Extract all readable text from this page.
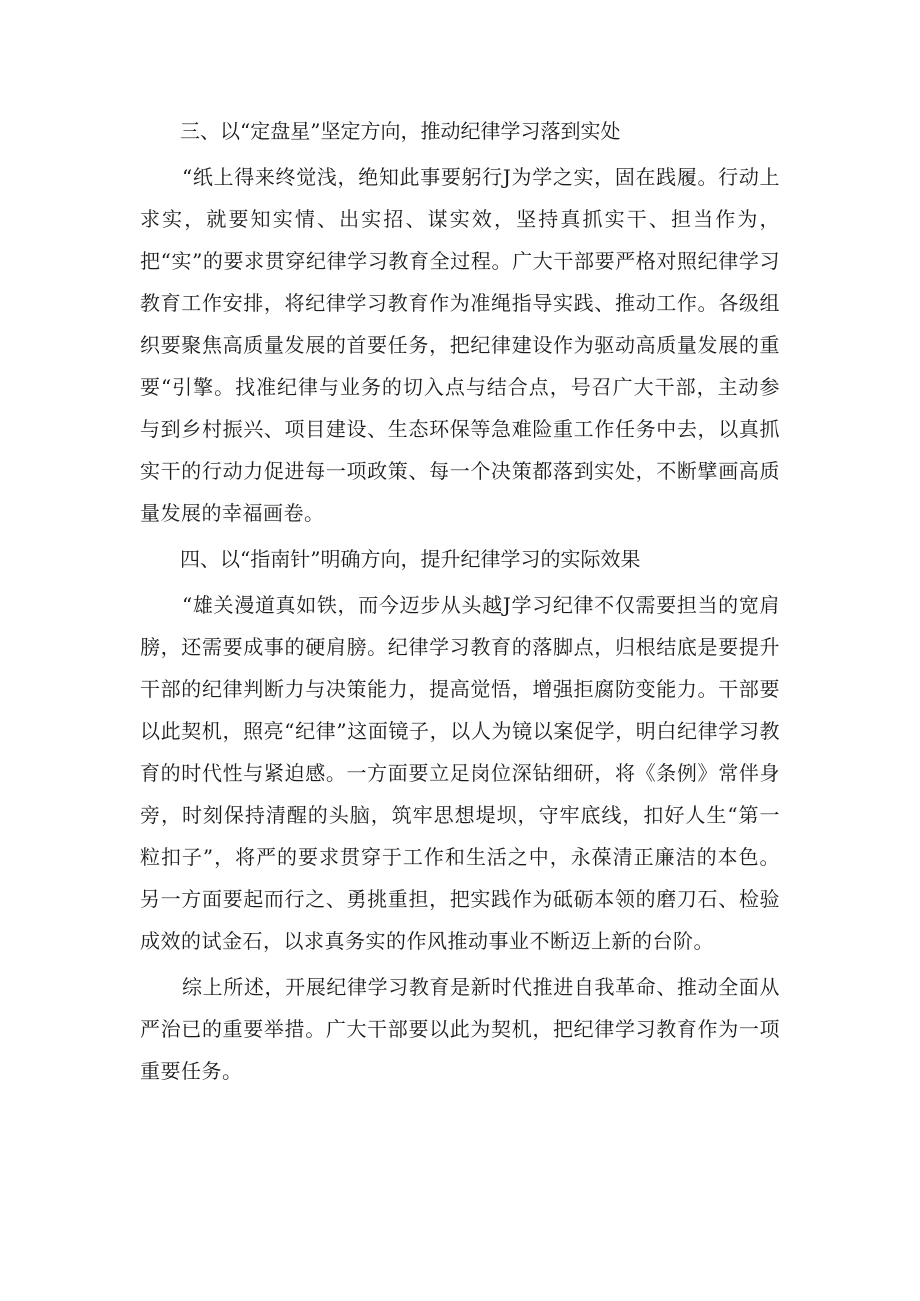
三、以“定盘星”坚定方向，推动纪律学习落到实处

“纸上得来终觉浅，绝知此事要躬行J为学之实，固在践履。行动上求实，就要知实情、出实招、谋实效，坚持真抓实干、担当作为，把“实”的要求贯穿纪律学习教育全过程。广大干部要严格对照纪律学习教育工作安排，将纪律学习教育作为准绳指导实践、推动工作。各级组织要聚焦高质量发展的首要任务，把纪律建设作为驱动高质量发展的重要“引擎。找准纪律与业务的切入点与结合点，号召广大干部，主动参与到乡村振兴、项目建设、生态环保等急难险重工作任务中去，以真抓实干的行动力促进每一项政策、每一个决策都落到实处，不断擘画高质量发展的幸福画卷。

四、以“指南针”明确方向，提升纪律学习的实际效果

“雄关漫道真如铁，而今迈步从头越J学习纪律不仅需要担当的宽肩膀，还需要成事的硬肩膀。纪律学习教育的落脚点，归根结底是要提升干部的纪律判断力与决策能力，提高觉悟，增强拒腐防变能力。干部要以此契机，照亮“纪律”这面镜子，以人为镜以案促学，明白纪律学习教育的时代性与紧迫感。一方面要立足岗位深钻细研，将《条例》常伴身旁，时刻保持清醒的头脑，筑牢思想堤坝，守牢底线，扣好人生“第一粒扣子”，将严的要求贯穿于工作和生活之中，永葆清正廉洁的本色。另一方面要起而行之、勇挑重担，把实践作为砥砺本领的磨刀石、检验成效的试金石，以求真务实的作风推动事业不断迈上新的台阶。

综上所述，开展纪律学习教育是新时代推进自我革命、推动全面从严治已的重要举措。广大干部要以此为契机，把纪律学习教育作为一项重要任务。
